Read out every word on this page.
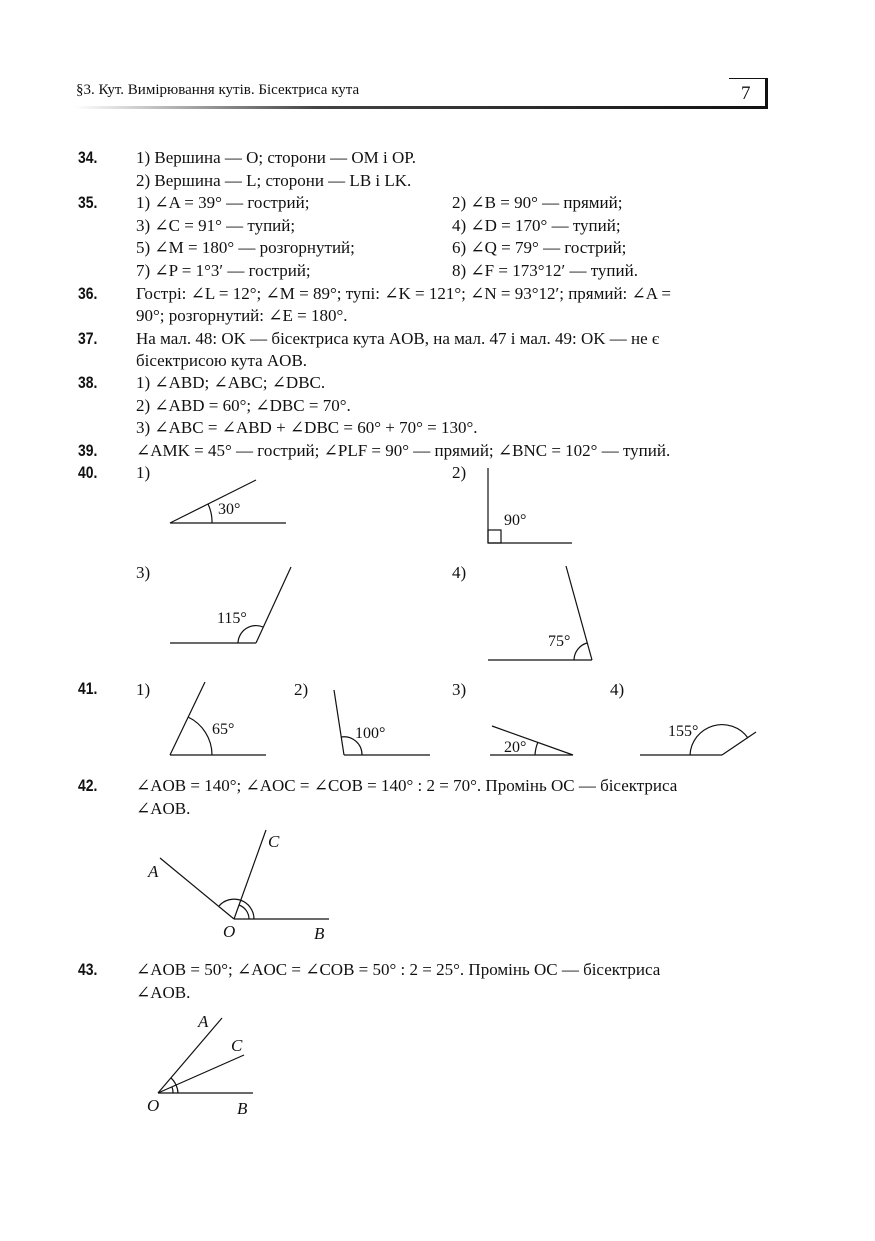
§3. Кут. Вимірювання кутів. Бісектриса кута	7
34. 1) Вершина — O; сторони — OM і OP.
2) Вершина — L; сторони — LB і LK.
35. 1) ∠A = 39° — гострий;	2) ∠B = 90° — прямий;
3) ∠C = 91° — тупий;	4) ∠D = 170° — тупий;
5) ∠M = 180° — розгорнутий;	6) ∠Q = 79° — гострий;
7) ∠P = 1°3′ — гострий;	8) ∠F = 173°12′ — тупий.
36. Гострі: ∠L = 12°; ∠M = 89°; тупі: ∠K = 121°; ∠N = 93°12′; прямий: ∠A =
90°; розгорнутий: ∠E = 180°.
37. На мал. 48: OK — бісектриса кута AOB, на мал. 47 і мал. 49: OK — не є
бісектрисою кута AOB.
38. 1) ∠ABD; ∠ABC; ∠DBC.
2) ∠ABD = 60°; ∠DBC = 70°.
3) ∠ABC = ∠ABD + ∠DBC = 60° + 70° = 130°.
39. ∠AMK = 45° — гострий; ∠PLF = 90° — прямий; ∠BNC = 102° — тупий.
40. 1)	2)
3)	4)
30°
90°
115°
75°
41. 1)	2)	3)	4)
65°	100°
20°
155°
42. ∠AOB = 140°; ∠AOC = ∠COB = 140° : 2 = 70°. Промінь OC — бісектриса
∠AOB.
A
C
O	B
43. ∠AOB = 50°; ∠AOC = ∠COB = 50° : 2 = 25°. Промінь OC — бісектриса
∠AOB.
A
C
O	B
